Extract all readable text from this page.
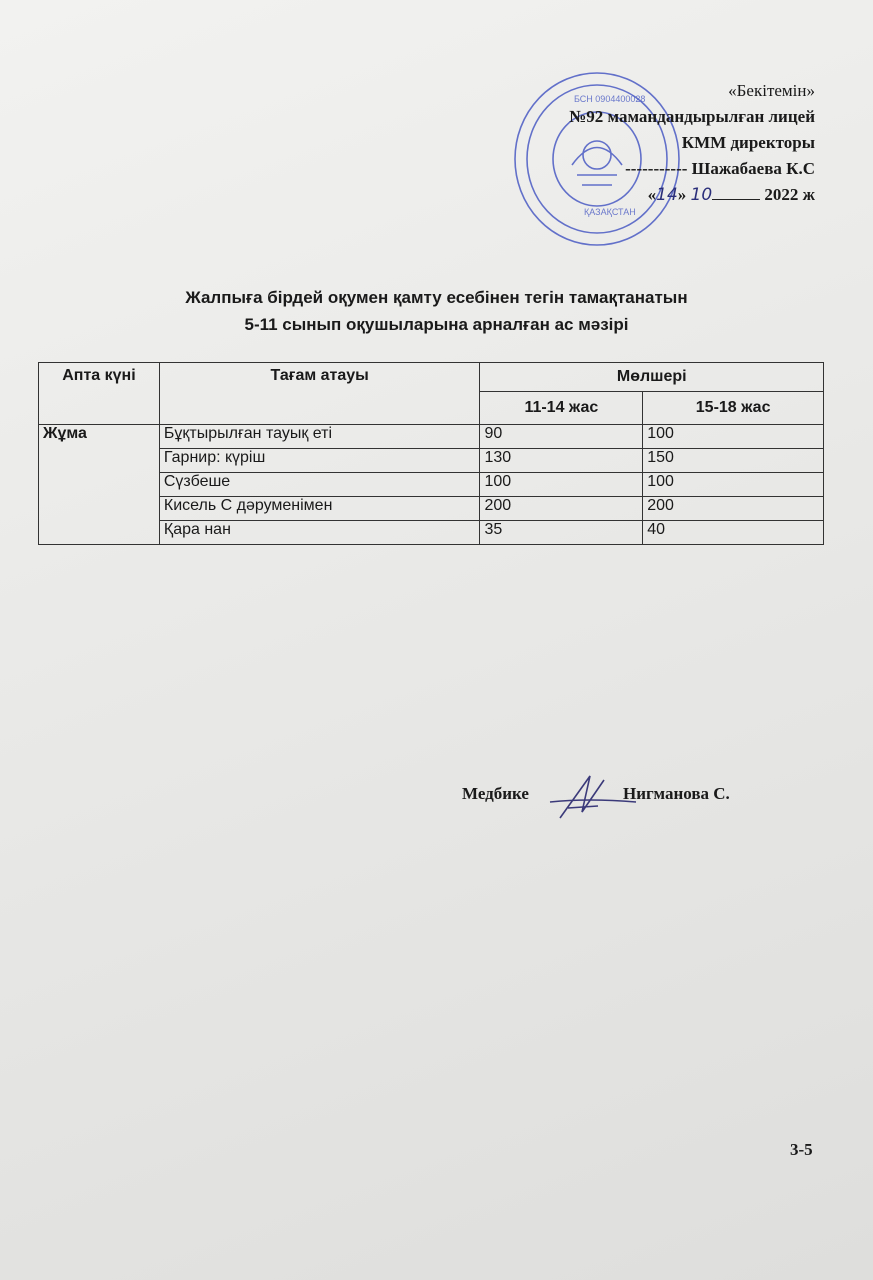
БСН 0904400028
ҚАЗАҚСТАН
«Бекітемін»
№92 мамандандырылған лицей
КММ директоры
----------- Шажабаева К.С
«14» 10	2022 ж
Жалпыға бірдей оқумен қамту есебінен тегін тамақтанатын
5-11 сынып оқушыларына арналған ас мәзірі
Апта күні	Тағам атауы	Мөлшері	
		11-14 жас	15-18 жас
Жұма	Бұқтырылған тауық еті	90	100
	Гарнир: күріш	130	150
	Сүзбеше	100	100
	Кисель С дәруменімен	200	200
	Қара нан	35	40
Медбике	Нигманова С.
3-5
